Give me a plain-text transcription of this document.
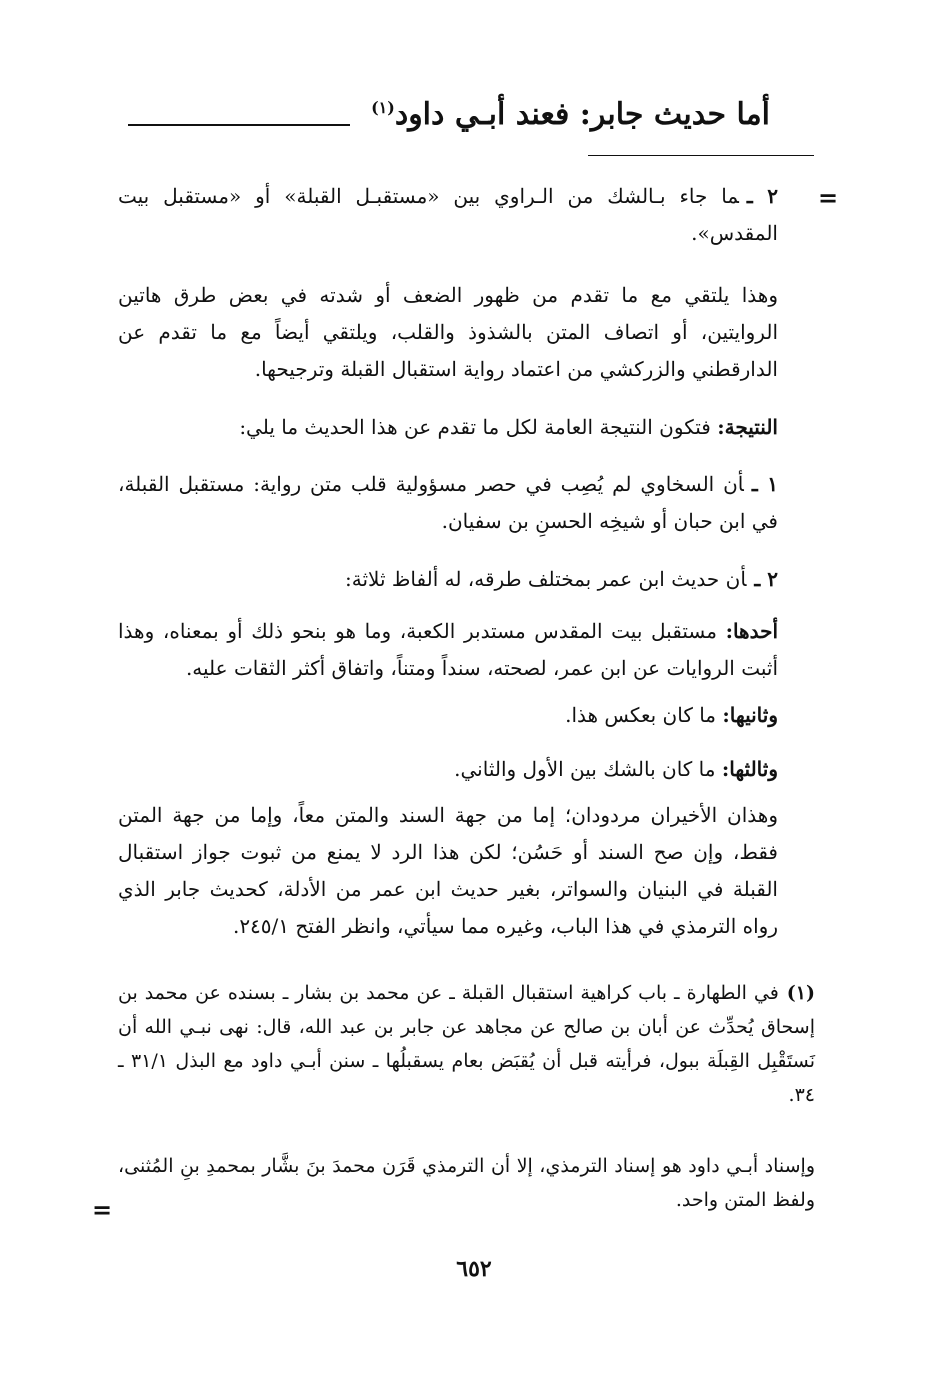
أما حديث جابر: فعند أبـي داود$^{(١)}$
=
٢ ـما جاء بـالشك من الـراوي بين «مستقبـل القبلة» أو «مستقبل بيت المقدس».
وهذا يلتقي مع ما تقدم من ظهور الضعف أو شدته في بعض طرق هاتين الروايتين، أو اتصاف المتن بالشذوذ والقلب، ويلتقي أيضاً مع ما تقدم عن الدارقطني والزركشي من اعتماد رواية استقبال القبلة وترجيحها.
النتيجة: فتكون النتيجة العامة لكل ما تقدم عن هذا الحديث ما يلي:
١ ـأن السخاوي لم يُصِب في حصر مسؤولية قلب متن رواية: مستقبل القبلة، في ابن حبان أو شيخِه الحسنِ بن سفيان.
٢ ـأن حديث ابن عمر بمختلف طرقه، له ألفاظ ثلاثة:
أحدها: مستقبل بيت المقدس مستدبر الكعبة، وما هو بنحو ذلك أو بمعناه، وهذا أثبت الروايات عن ابن عمر، لصحته، سنداً ومتناً، واتفاق أكثر الثقات عليه.
وثانيها: ما كان بعكس هذا.
وثالثها: ما كان بالشك بين الأول والثاني.
وهذان الأخيران مردودان؛ إما من جهة السند والمتن معاً، وإما من جهة المتن فقط، وإن صح السند أو حَسُن؛ لكن هذا الرد لا يمنع من ثبوت جواز استقبال القبلة في البنيان والسواتر، بغير حديث ابن عمر من الأدلة، كحديث جابر الذي رواه الترمذي في هذا الباب، وغيره مما سيأتي، وانظر الفتح ٢٤٥/١.
(١)في الطهارة ـ باب كراهية استقبال القبلة ـ عن محمد بن بشار ـ بسنده عن محمد بن إسحاق يُحدِّث عن أبان بن صالح عن مجاهد عن جابر بن عبد الله، قال: نهى نبـي الله أن نَستَقْبِل القِبلَة ببول، فرأيته قبل أن يُقبَض بعام يسقبلُها ـ سنن أبـي داود مع البذل ٣١/١ ـ ٣٤.
وإسناد أبـي داود هو إسناد الترمذي، إلا أن الترمذي قَرَن محمدَ بنَ بشَّار بمحمدِ بنِ المُثنى، ولفظ المتن واحد.
=
٦٥٢
